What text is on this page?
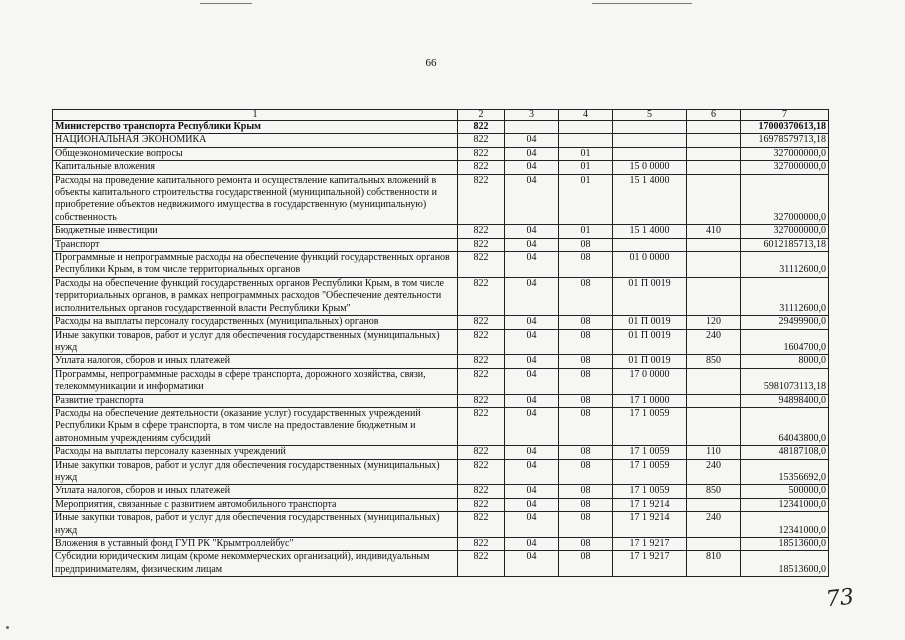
66
1	2	3	4	5	6	7
Министерство транспорта Республики Крым	822					17000370613,18
НАЦИОНАЛЬНАЯ ЭКОНОМИКА	822	04				16978579713,18
Общеэкономические вопросы	822	04	01			327000000,0
Капитальные вложения	822	04	01	15 0 0000		327000000,0
Расходы на проведение капитального ремонта и осуществление капитальных вложений в объекты капитального строительства государственной (муниципальной) собственности и приобретение объектов недвижимого имущества в государственную (муниципальную) собственность	822	04	01	15 1 4000		327000000,0
Бюджетные инвестиции	822	04	01	15 1 4000	410	327000000,0
Транспорт	822	04	08			6012185713,18
Программные и непрограммные расходы на обеспечение функций государственных органов Республики Крым, в том числе территориальных органов	822	04	08	01 0 0000		31112600,0
Расходы на обеспечение функций государственных органов Республики Крым, в том числе территориальных органов, в рамках непрограммных расходов "Обеспечение деятельности исполнительных органов государственной власти Республики Крым"	822	04	08	01 П 0019		31112600,0
Расходы на выплаты персоналу государственных (муниципальных) органов	822	04	08	01 П 0019	120	29499900,0
Иные закупки товаров, работ и услуг для обеспечения государственных (муниципальных) нужд	822	04	08	01 П 0019	240	1604700,0
Уплата налогов, сборов и иных платежей	822	04	08	01 П 0019	850	8000,0
Программы, непрограммные расходы в сфере транспорта, дорожного хозяйства, связи, телекоммуникации и информатики	822	04	08	17 0 0000		5981073113,18
Развитие транспорта	822	04	08	17 1 0000		94898400,0
Расходы на обеспечение деятельности (оказание услуг) государственных учреждений Республики Крым в сфере транспорта, в том числе на предоставление бюджетным и автономным учреждениям субсидий	822	04	08	17 1 0059		64043800,0
Расходы на выплаты персоналу казенных учреждений	822	04	08	17 1 0059	110	48187108,0
Иные закупки товаров, работ и услуг для обеспечения государственных (муниципальных) нужд	822	04	08	17 1 0059	240	15356692,0
Уплата налогов, сборов и иных платежей	822	04	08	17 1 0059	850	500000,0
Мероприятия, связанные с развитием автомобильного транспорта	822	04	08	17 1 9214		12341000,0
Иные закупки товаров, работ и услуг для обеспечения государственных (муниципальных) нужд	822	04	08	17 1 9214	240	12341000,0
Вложения в уставный фонд ГУП РК "Крымтроллейбус"	822	04	08	17 1 9217		18513600,0
Субсидии юридическим лицам (кроме некоммерческих организаций), индивидуальным предпринимателям, физическим лицам	822	04	08	17 1 9217	810	18513600,0
73
